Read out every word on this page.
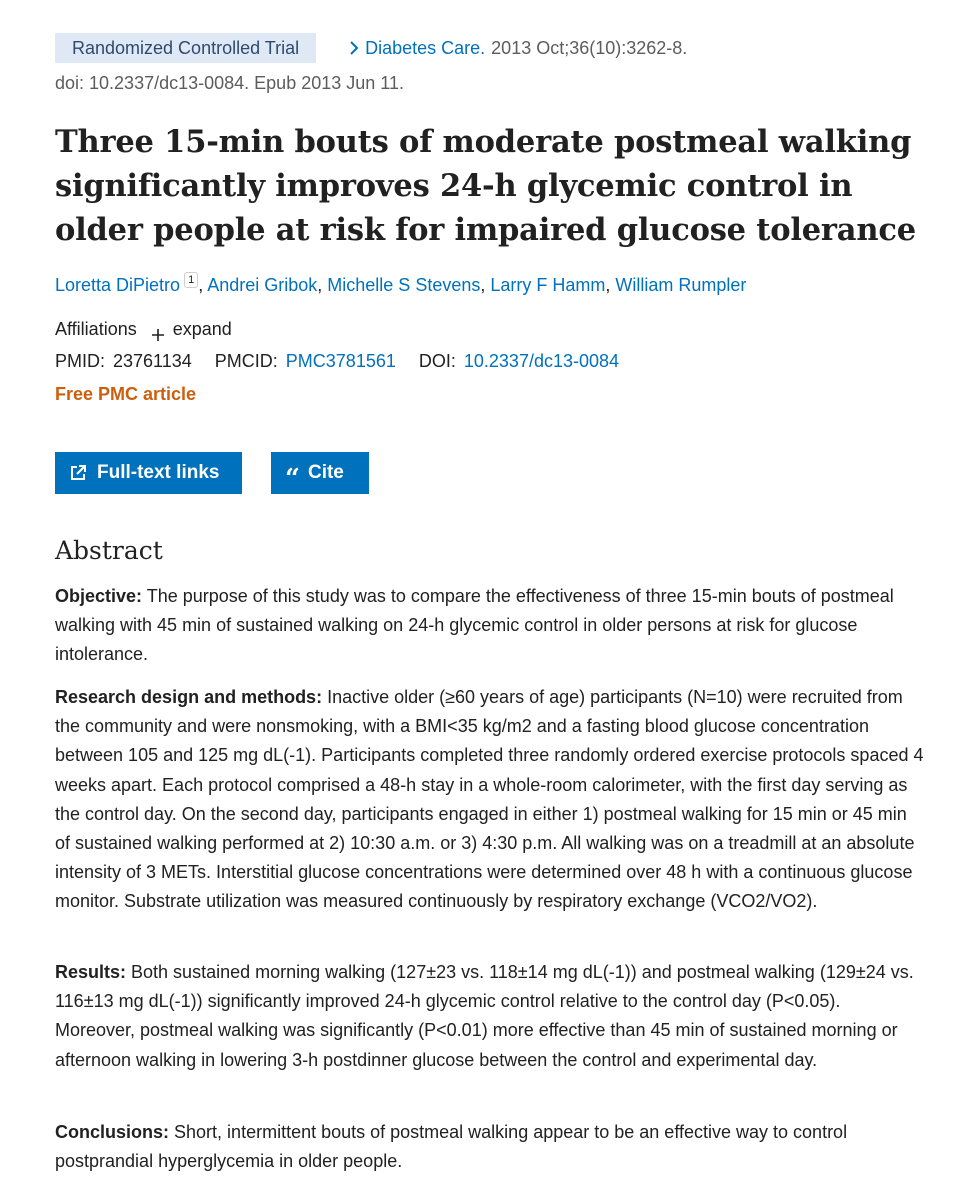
Randomized Controlled Trial	Diabetes Care. 2013 Oct;36(10):3262-8.
doi: 10.2337/dc13-0084. Epub 2013 Jun 11.
Three 15-min bouts of moderate postmeal walking significantly improves 24-h glycemic control in older people at risk for impaired glucose tolerance
Loretta DiPietro 1 , Andrei Gribok, Michelle S Stevens, Larry F Hamm, William Rumpler
Affiliations expand
PMID: 23761134 PMCID: PMC3781561 DOI: 10.2337/dc13-0084
Free PMC article
Full-text links	“ Cite
Abstract

Objective: The purpose of this study was to compare the effectiveness of three 15-min bouts of postmeal walking with 45 min of sustained walking on 24-h glycemic control in older persons at risk for glucose intolerance.

Research design and methods: Inactive older (≥60 years of age) participants (N=10) were recruited from the community and were nonsmoking, with a BMI<35 kg/m2 and a fasting blood glucose concentration between 105 and 125 mg dL(-1). Participants completed three randomly ordered exercise protocols spaced 4 weeks apart. Each protocol comprised a 48-h stay in a whole-room calorimeter, with the first day serving as the control day. On the second day, participants engaged in either 1) postmeal walking for 15 min or 45 min of sustained walking performed at 2) 10:30 a.m. or 3) 4:30 p.m. All walking was on a treadmill at an absolute intensity of 3 METs. Interstitial glucose concentrations were determined over 48 h with a continuous glucose monitor. Substrate utilization was measured continuously by respiratory exchange (VCO2/VO2).

Results: Both sustained morning walking (127±23 vs. 118±14 mg dL(-1)) and postmeal walking (129±24 vs. 116±13 mg dL(-1)) significantly improved 24-h glycemic control relative to the control day (P<0.05). Moreover, postmeal walking was significantly (P<0.01) more effective than 45 min of sustained morning or afternoon walking in lowering 3-h postdinner glucose between the control and experimental day.

Conclusions: Short, intermittent bouts of postmeal walking appear to be an effective way to control postprandial hyperglycemia in older people.
